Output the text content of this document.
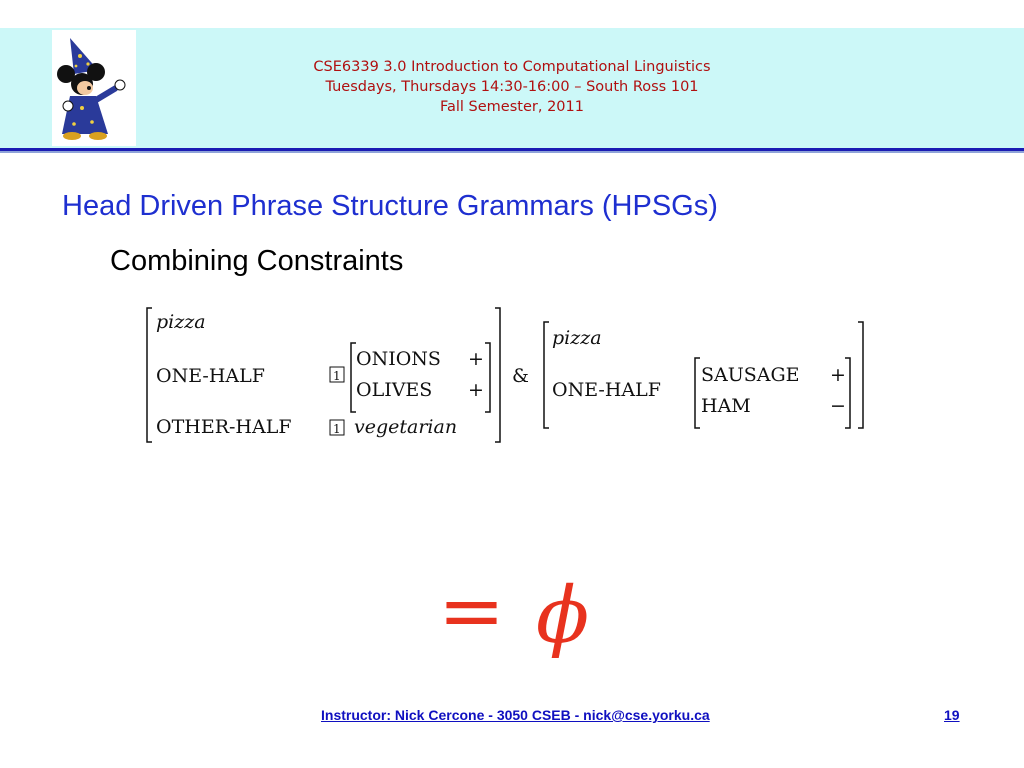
CSE6339 3.0 Introduction to Computational Linguistics
Tuesdays, Thursdays 14:30-16:00 – South Ross 101
Fall Semester, 2011
Head Driven Phrase Structure Grammars (HPSGs)
Combining Constraints
pizza
ONE-HALF
OTHER-HALF
1
1
ONIONS +
OLIVES +
vegetarian
&
pizza
ONE-HALF
SAUSAGE +
HAM	−
= ϕ
Instructor: Nick Cercone - 3050 CSEB - nick@cse.yorku.ca	19
